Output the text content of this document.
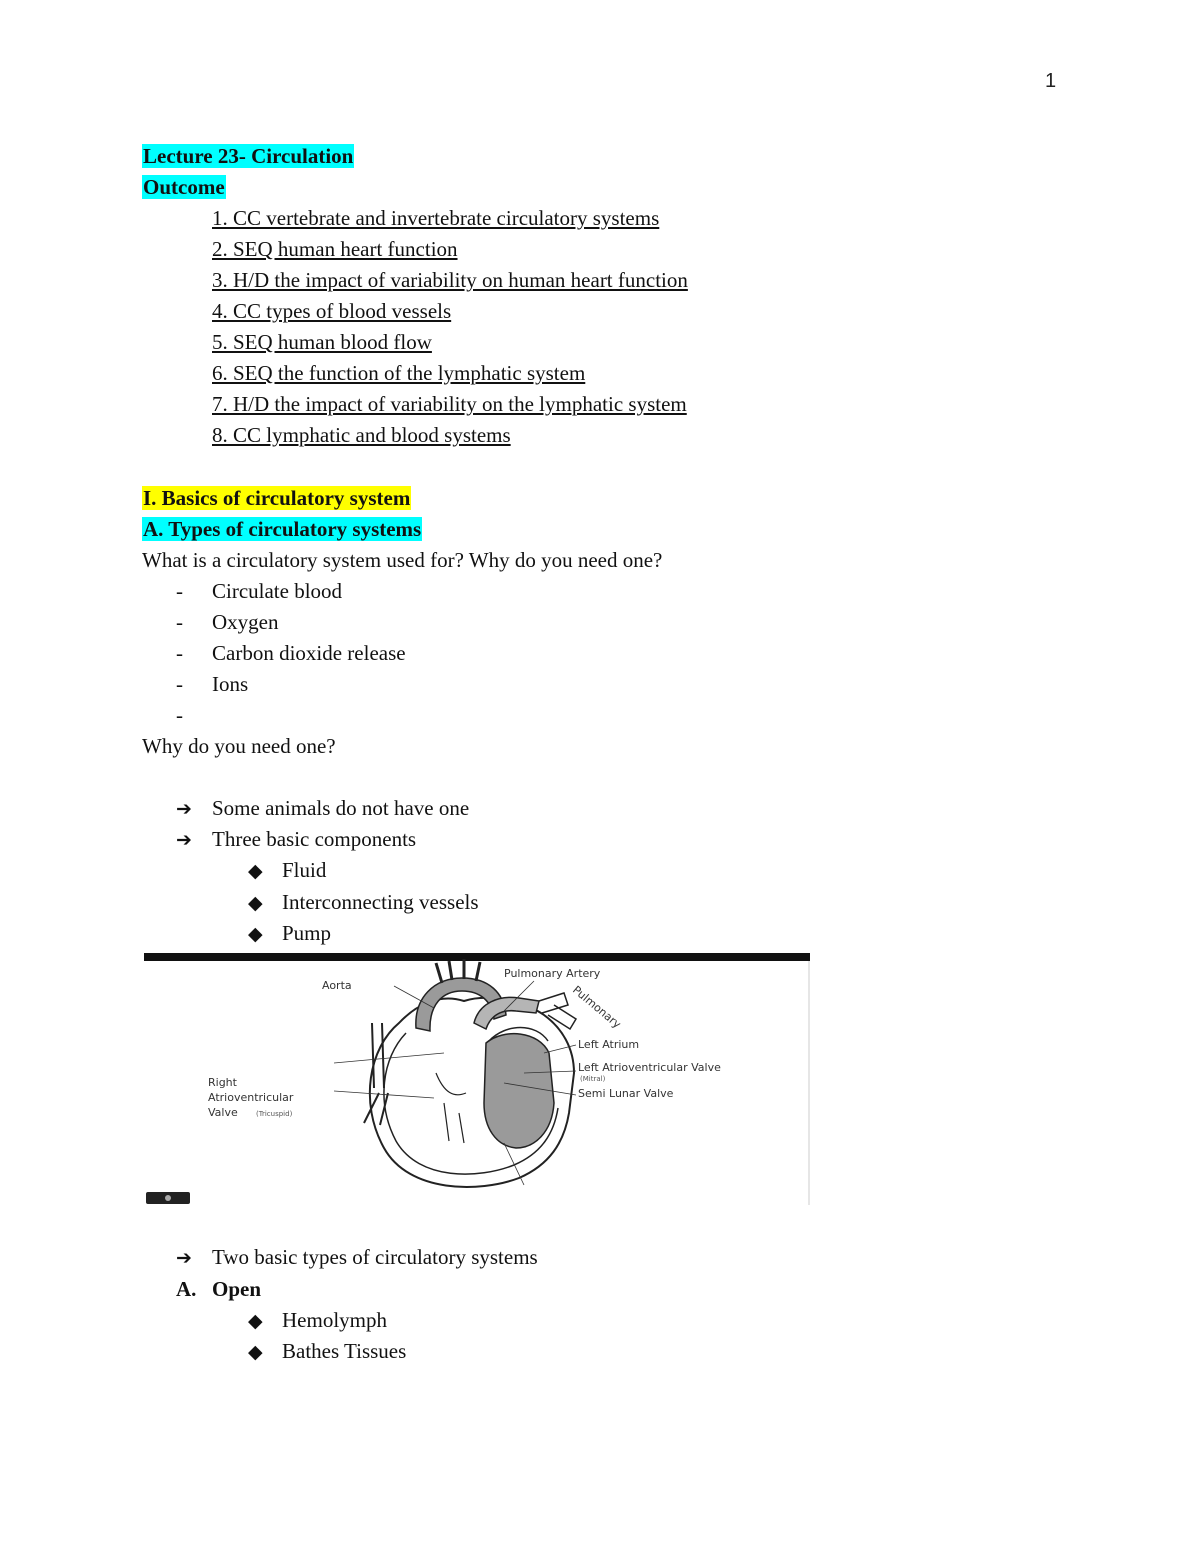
1
Lecture 23- Circulation
Outcome
1. CC vertebrate and invertebrate circulatory systems
2. SEQ human heart function
3. H/D the impact of variability on human heart function
4. CC types of blood vessels
5. SEQ human blood flow
6. SEQ the function of the lymphatic system
7. H/D the impact of variability on the lymphatic system
8. CC lymphatic and blood systems
I. Basics of circulatory system
A. Types of circulatory systems
What is a circulatory system used for? Why do you need one?
- Circulate blood
- Oxygen
- Carbon dioxide release
- Ions
-
Why do you need one?
➔ Some animals do not have one
➔ Three basic components
◆ Fluid
◆ Interconnecting vessels
◆ Pump
Aorta
Pulmonary Artery
Pulmonary
Left Atrium
Left Atrioventricular Valve
(Mitral)
Semi Lunar Valve
Right
Atrioventricular
Valve	(Tricuspid)
➔ Two basic types of circulatory systems
A. Open
◆ Hemolymph
◆ Bathes Tissues
